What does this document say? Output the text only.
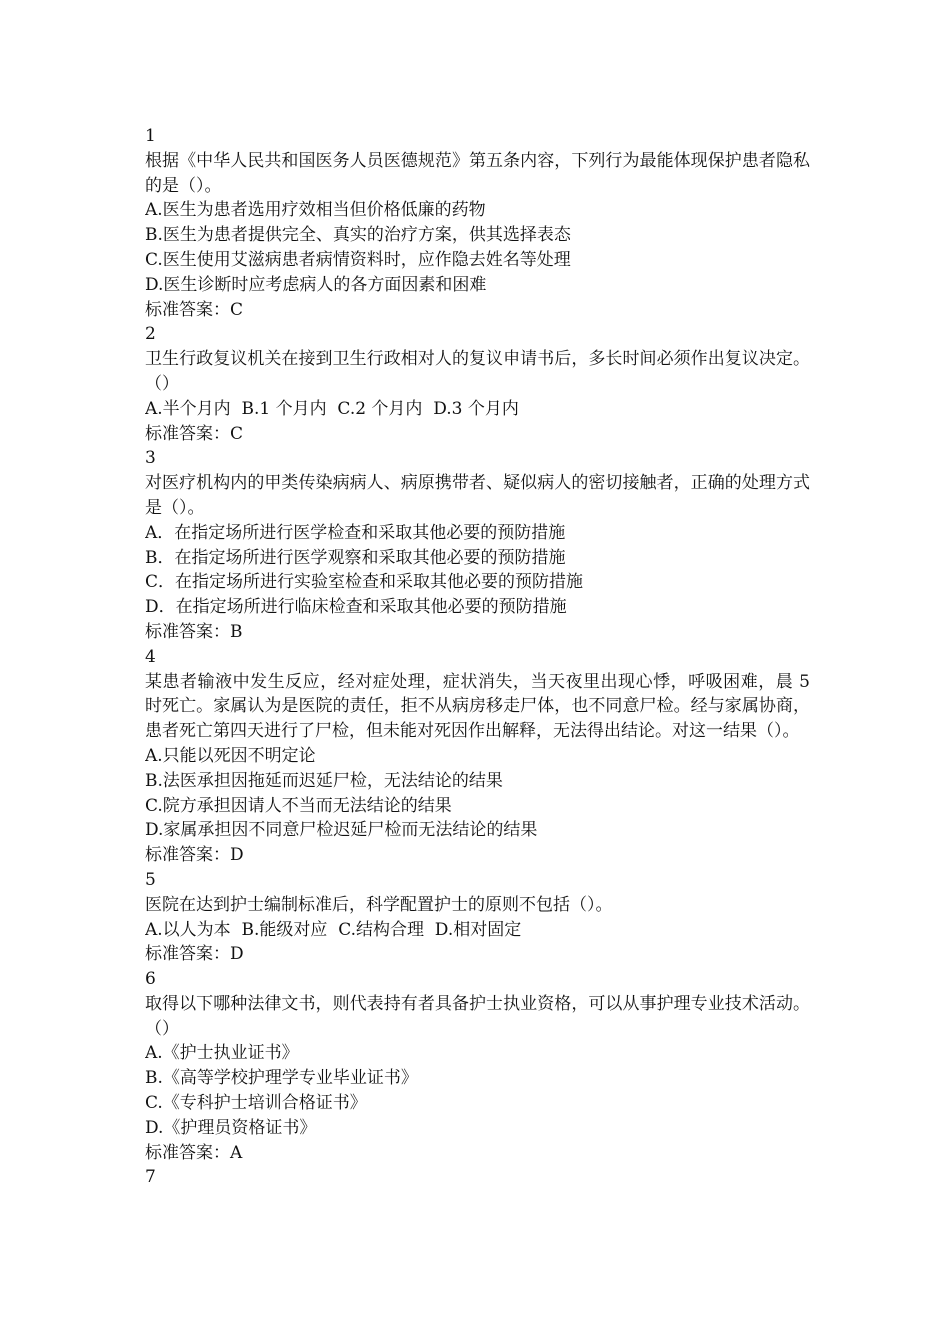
1
根据《中华人民共和国医务人员医德规范》第五条内容，下列行为最能体现保护患者隐私的是（）。
A.医生为患者选用疗效相当但价格低廉的药物
B.医生为患者提供完全、真实的治疗方案，供其选择表态
C.医生使用艾滋病患者病情资料时，应作隐去姓名等处理
D.医生诊断时应考虑病人的各方面因素和困难
标准答案：C
2
卫生行政复议机关在接到卫生行政相对人的复议申请书后，多长时间必须作出复议决定。（）
A.半个月内  B.1 个月内  C.2 个月内  D.3 个月内
标准答案：C
3
对医疗机构内的甲类传染病病人、病原携带者、疑似病人的密切接触者，正确的处理方式是（）。
A．在指定场所进行医学检查和采取其他必要的预防措施
B．在指定场所进行医学观察和采取其他必要的预防措施
C．在指定场所进行实验室检查和采取其他必要的预防措施
D．在指定场所进行临床检查和采取其他必要的预防措施
标准答案：B
4
某患者输液中发生反应，经对症处理，症状消失，当天夜里出现心悸，呼吸困难，晨 5 时死亡。家属认为是医院的责任，拒不从病房移走尸体，也不同意尸检。经与家属协商，患者死亡第四天进行了尸检，但未能对死因作出解释，无法得出结论。对这一结果（）。
A.只能以死因不明定论
B.法医承担因拖延而迟延尸检，无法结论的结果
C.院方承担因请人不当而无法结论的结果
D.家属承担因不同意尸检迟延尸检而无法结论的结果
标准答案：D
5
医院在达到护士编制标准后，科学配置护士的原则不包括（）。
A.以人为本  B.能级对应  C.结构合理  D.相对固定
标准答案：D
6
取得以下哪种法律文书，则代表持有者具备护士执业资格，可以从事护理专业技术活动。（）
A.《护士执业证书》
B.《高等学校护理学专业毕业证书》
C.《专科护士培训合格证书》
D.《护理员资格证书》
标准答案：A
7
